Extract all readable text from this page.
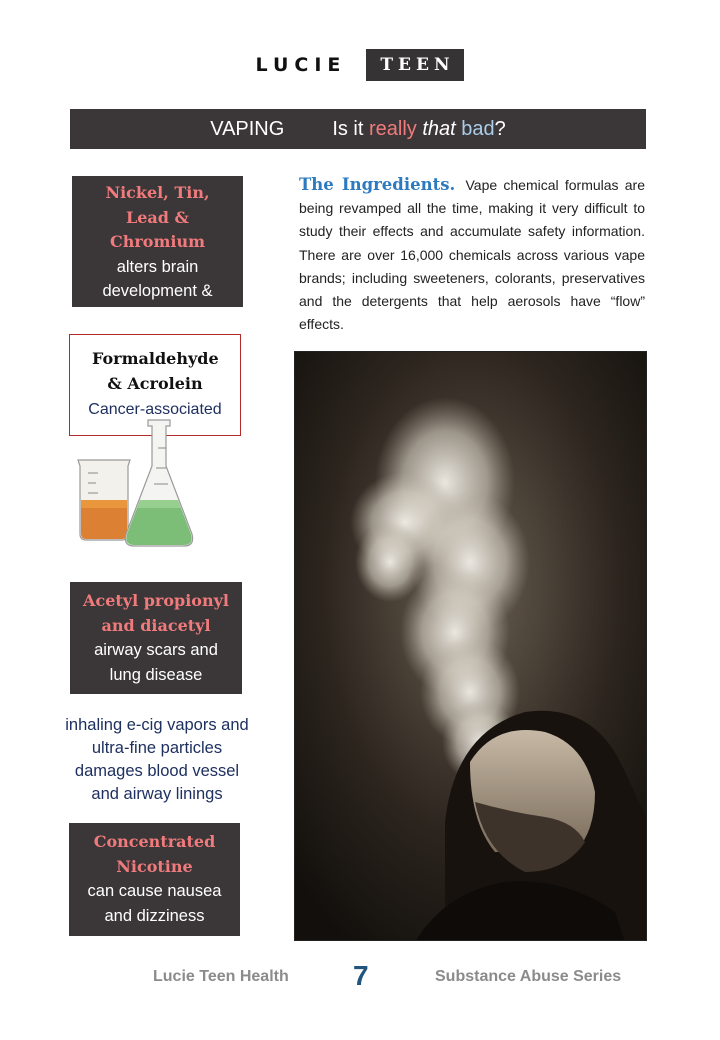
LUCIE	TEEN
VAPING Is it really that bad?
Nickel, Tin, Lead & Chromium
alters brain development & slows brain activity
Formaldehyde & Acrolein
Cancer-associated
Acetyl propionyl and diacetyl
airway scars and lung disease
inhaling e-cig vapors and ultra-fine particles damages blood vessel and airway linings
Concentrated Nicotine
can cause nausea and dizziness
The Ingredients. Vape chemical formulas are being revamped all the time, making it very difficult to study their effects and accumulate safety information. There are over 16,000 chemicals across various vape brands; including sweeteners, colorants, preservatives and the detergents that help aerosols have “flow” effects.
Lucie Teen Health 7	Substance Abuse Series
